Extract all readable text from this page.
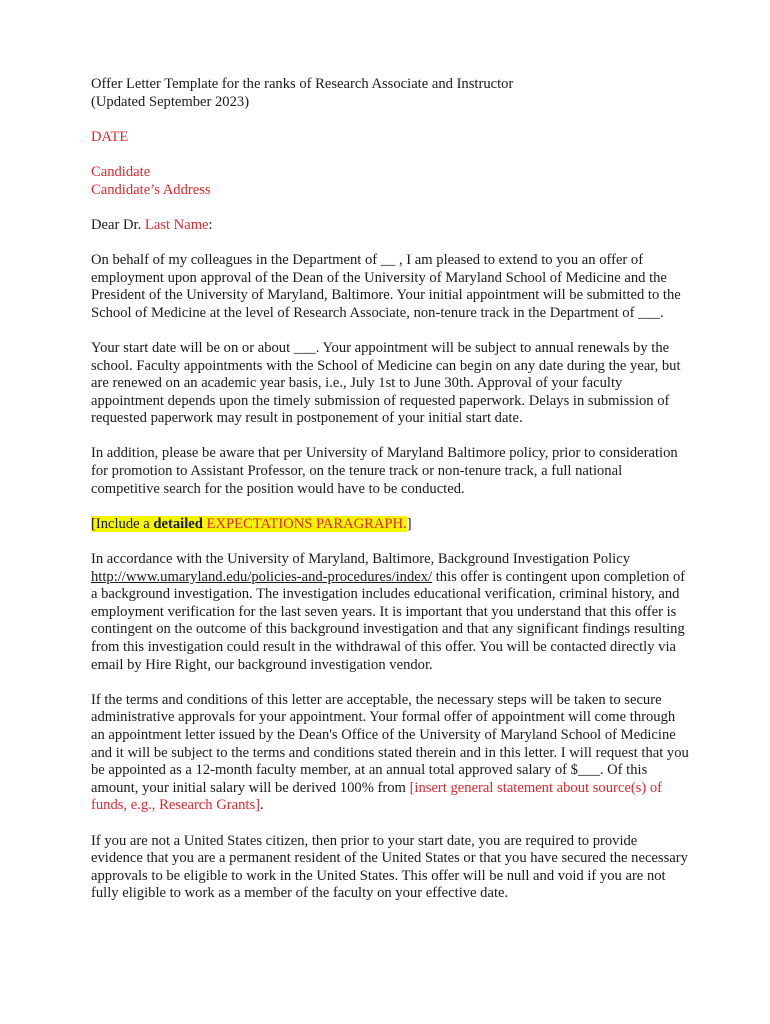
Offer Letter Template for the ranks of Research Associate and Instructor

(Updated September 2023)

DATE

Candidate

Candidate’s Address

Dear Dr. Last Name:

On behalf of my colleagues in the Department of __ , I am pleased to extend to you an offer of employment upon approval of the Dean of the University of Maryland School of Medicine and the President of the University of Maryland, Baltimore. Your initial appointment will be submitted to the School of Medicine at the level of Research Associate, non-tenure track in the Department of ___.

Your start date will be on or about ___. Your appointment will be subject to annual renewals by the school. Faculty appointments with the School of Medicine can begin on any date during the year, but are renewed on an academic year basis, i.e., July 1st to June 30th. Approval of your faculty appointment depends upon the timely submission of requested paperwork. Delays in submission of requested paperwork may result in postponement of your initial start date.

In addition, please be aware that per University of Maryland Baltimore policy, prior to consideration for promotion to Assistant Professor, on the tenure track or non-tenure track, a full national competitive search for the position would have to be conducted.

[Include a detailed EXPECTATIONS PARAGRAPH.]

In accordance with the University of Maryland, Baltimore, Background Investigation Policy http://www.umaryland.edu/policies-and-procedures/index/ this offer is contingent upon completion of a background investigation. The investigation includes educational verification, criminal history, and employment verification for the last seven years. It is important that you understand that this offer is contingent on the outcome of this background investigation and that any significant findings resulting from this investigation could result in the withdrawal of this offer. You will be contacted directly via email by Hire Right, our background investigation vendor.

If the terms and conditions of this letter are acceptable, the necessary steps will be taken to secure administrative approvals for your appointment. Your formal offer of appointment will come through an appointment letter issued by the Dean's Office of the University of Maryland School of Medicine and it will be subject to the terms and conditions stated therein and in this letter. I will request that you be appointed as a 12-month faculty member, at an annual total approved salary of $___. Of this amount, your initial salary will be derived 100% from [insert general statement about source(s) of funds, e.g., Research Grants].

If you are not a United States citizen, then prior to your start date, you are required to provide evidence that you are a permanent resident of the United States or that you have secured the necessary approvals to be eligible to work in the United States. This offer will be null and void if you are not fully eligible to work as a member of the faculty on your effective date.
